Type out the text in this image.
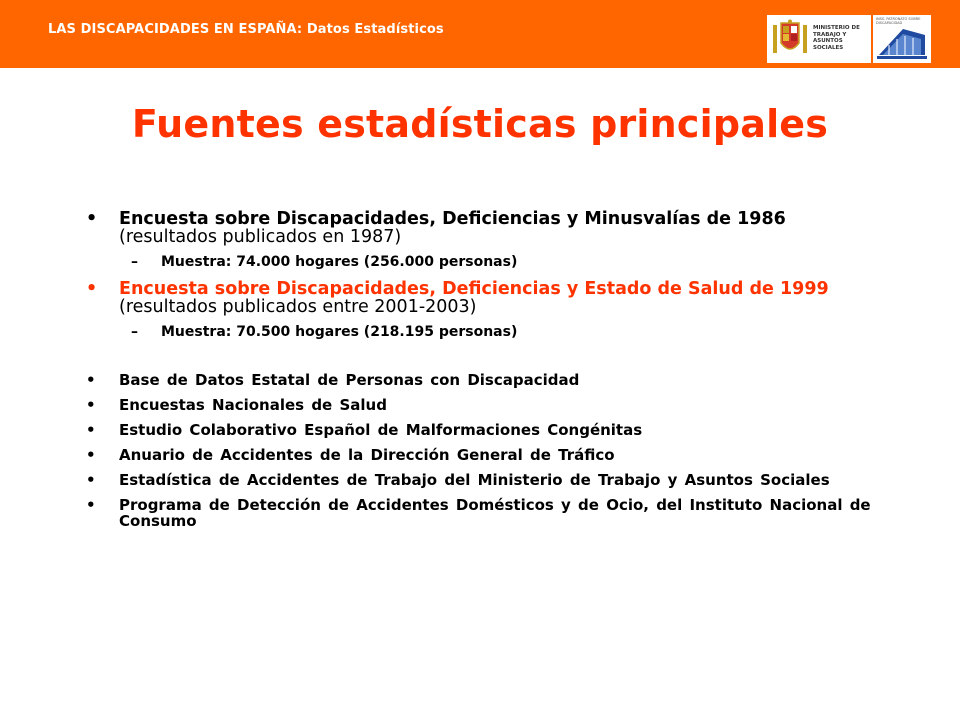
LAS DISCAPACIDADES EN ESPAÑA: Datos Estadísticos	MINISTERIO DE TRABAJO Y ASUNTOS SOCIALES
INSS. PATRONATO SOBRE DISCAPACIDAD
Fuentes estadísticas principales
• Encuesta sobre Discapacidades, Deficiencias y Minusvalías de 1986 (resultados publicados en 1987)
– Muestra: 74.000 hogares (256.000 personas)
• Encuesta sobre Discapacidades, Deficiencias y Estado de Salud de 1999 (resultados publicados entre 2001-2003)
– Muestra: 70.500 hogares (218.195 personas)
• Base de Datos Estatal de Personas con Discapacidad
• Encuestas Nacionales de Salud
• Estudio Colaborativo Español de Malformaciones Congénitas
• Anuario de Accidentes de la Dirección General de Tráfico
• Estadística de Accidentes de Trabajo del Ministerio de Trabajo y Asuntos Sociales
• Programa de Detección de Accidentes Domésticos y de Ocio, del Instituto Nacional de Consumo
